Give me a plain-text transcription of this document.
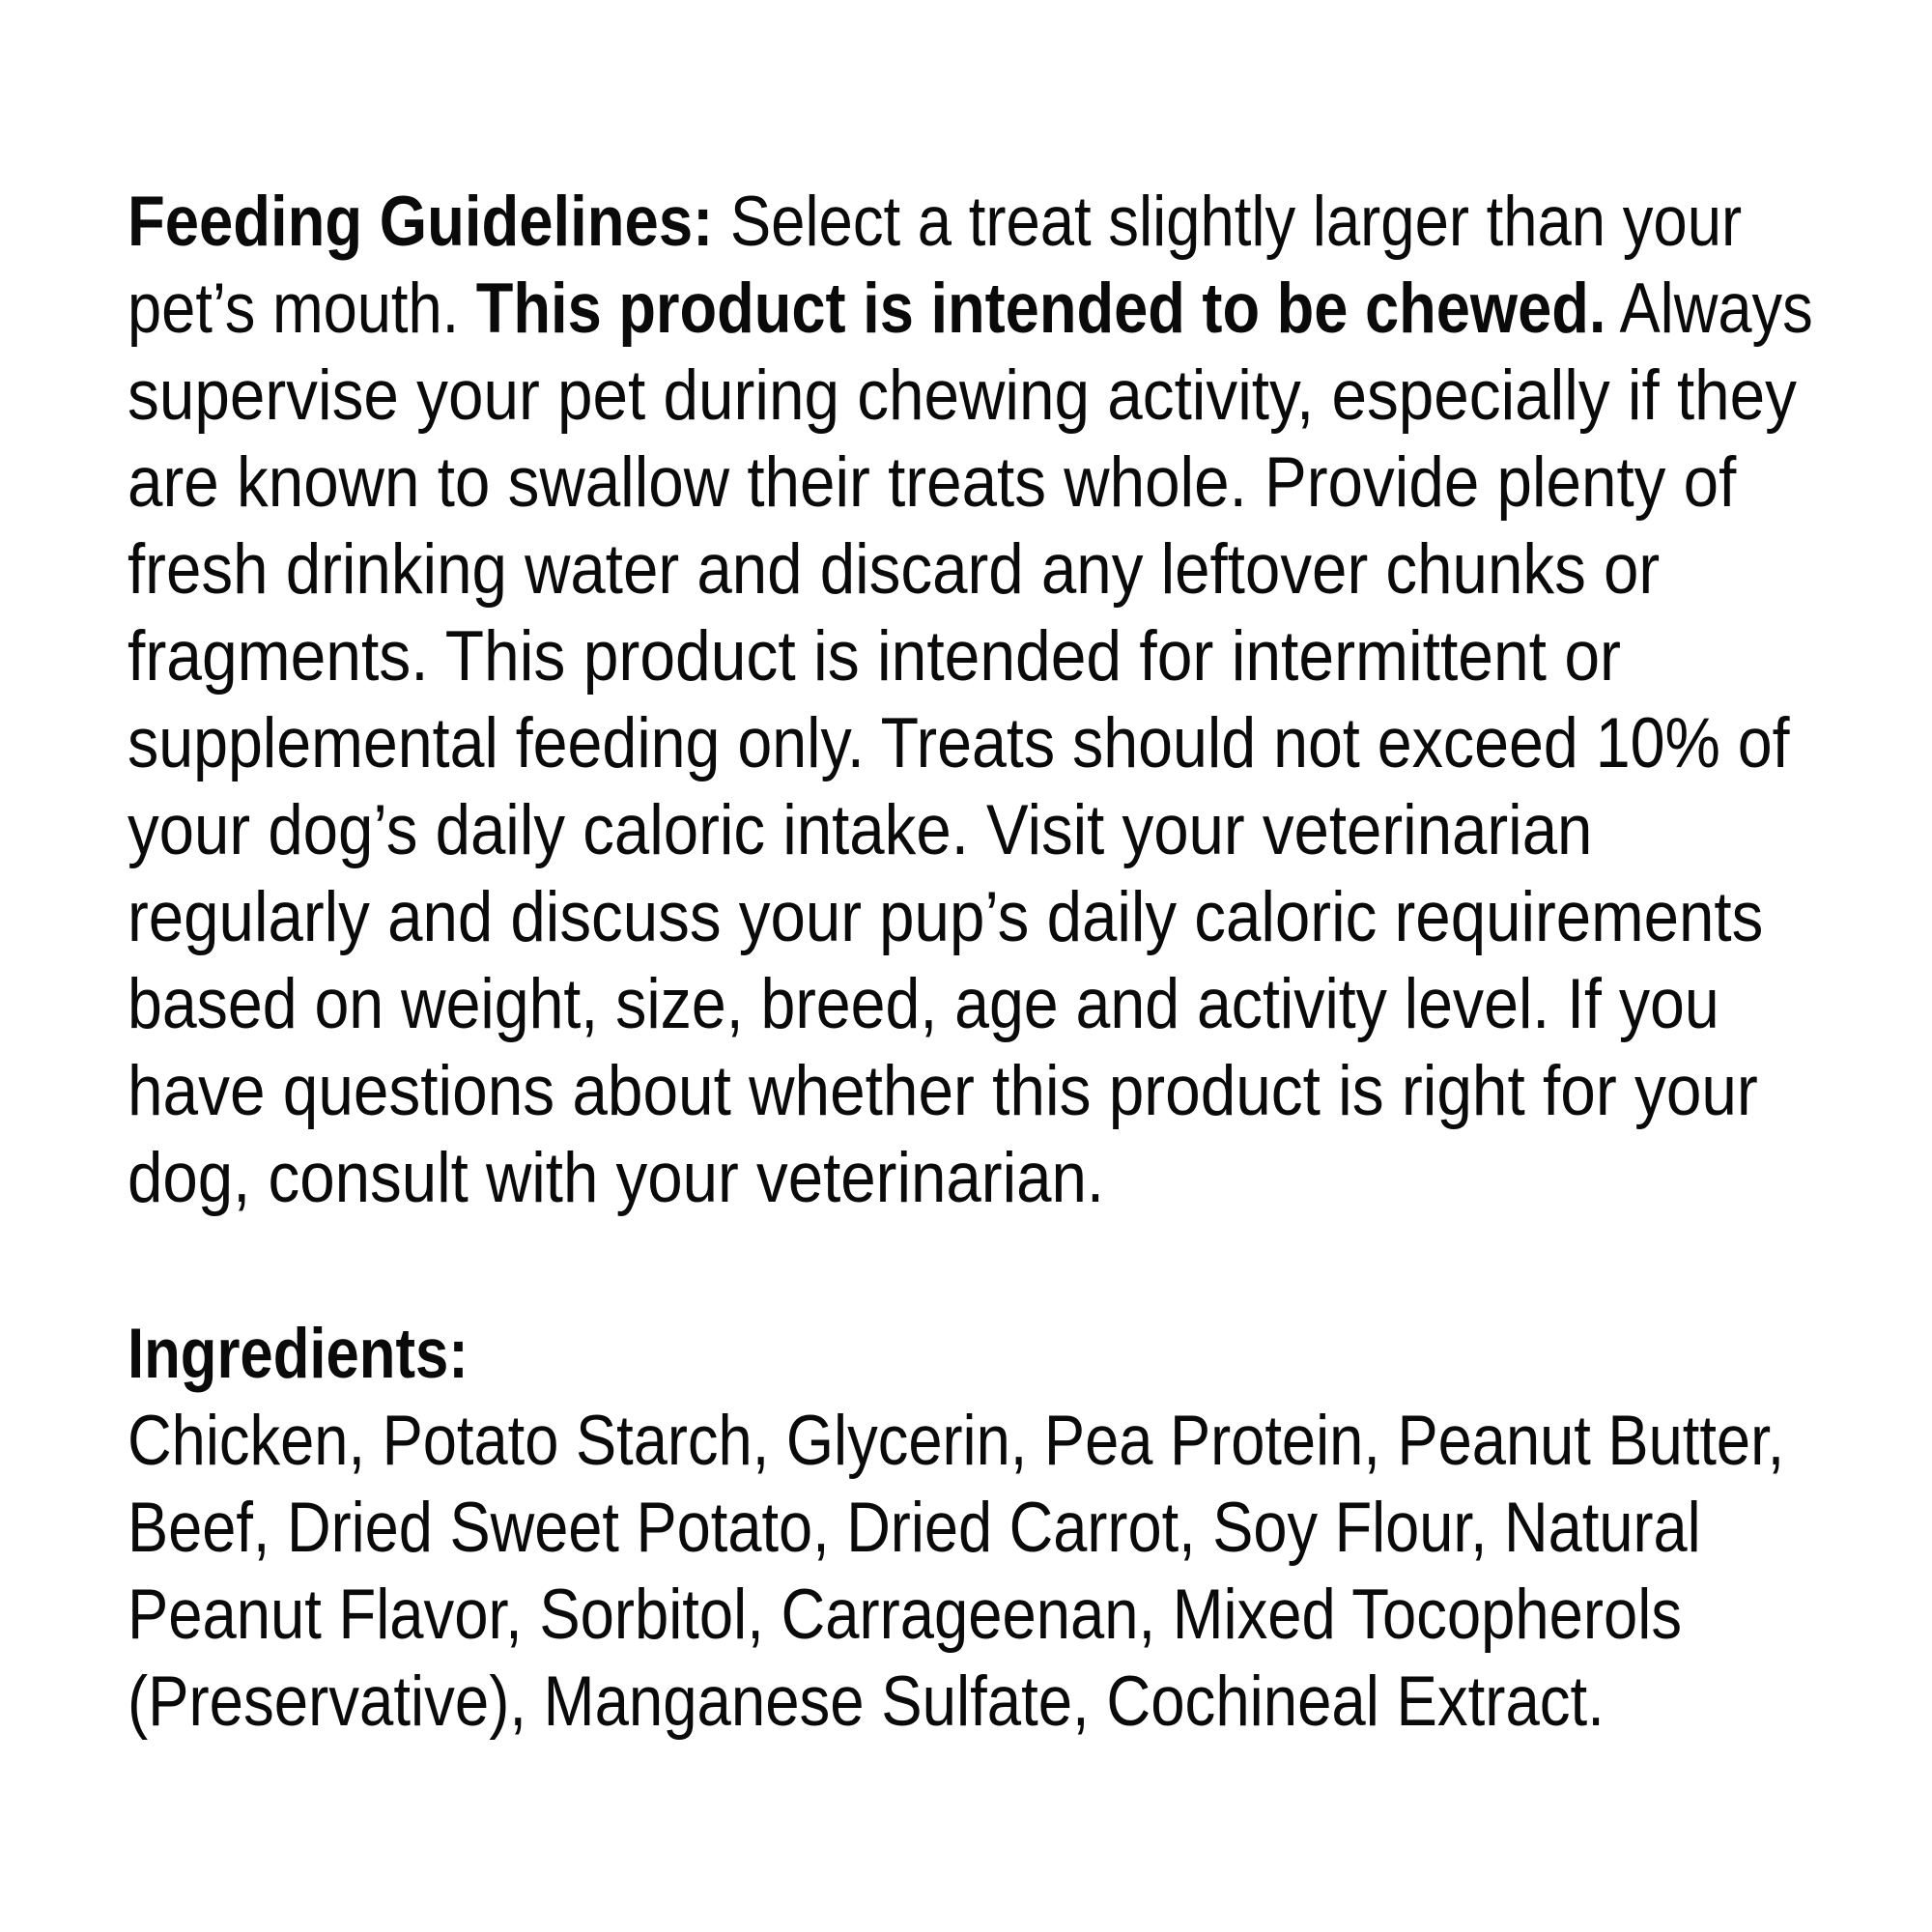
Feeding Guidelines: Select a treat slightly larger than your
pet’s mouth. This product is intended to be chewed. Always
supervise your pet during chewing activity, especially if they
are known to swallow their treats whole. Provide plenty of
fresh drinking water and discard any leftover chunks or
fragments. This product is intended for intermittent or
supplemental feeding only. Treats should not exceed 10% of
your dog’s daily caloric intake. Visit your veterinarian
regularly and discuss your pup’s daily caloric requirements
based on weight, size, breed, age and activity level. If you
have questions about whether this product is right for your
dog, consult with your veterinarian.
Ingredients:
Chicken, Potato Starch, Glycerin, Pea Protein, Peanut Butter,
Beef, Dried Sweet Potato, Dried Carrot, Soy Flour, Natural
Peanut Flavor, Sorbitol, Carrageenan, Mixed Tocopherols
(Preservative), Manganese Sulfate, Cochineal Extract.
